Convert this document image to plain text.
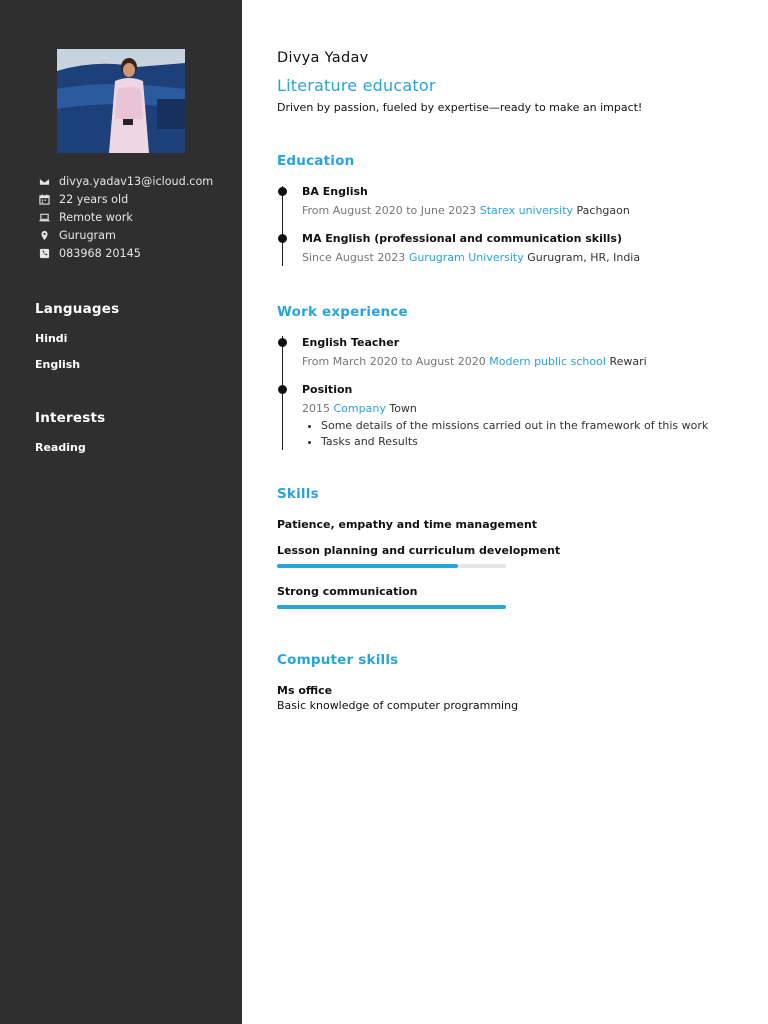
divya.yadav13@icloud.com
22 years old
Remote work
Gurugram
083968 20145
Languages
Hindi
English
Interests
Reading
Divya Yadav
Literature educator
Driven by passion, fueled by expertise—ready to make an impact!
Education
BA English
From August 2020 to June 2023 Starex university Pachgaon
MA English (professional and communication skills)
Since August 2023 Gurugram University Gurugram, HR, India
Work experience
English Teacher
From March 2020 to August 2020 Modern public school Rewari
Position
2015 Company Town
• Some details of the missions carried out in the framework of this work
• Tasks and Results
Skills
Patience, empathy and time management
Lesson planning and curriculum development
Strong communication
Computer skills
Ms office
Basic knowledge of computer programming
